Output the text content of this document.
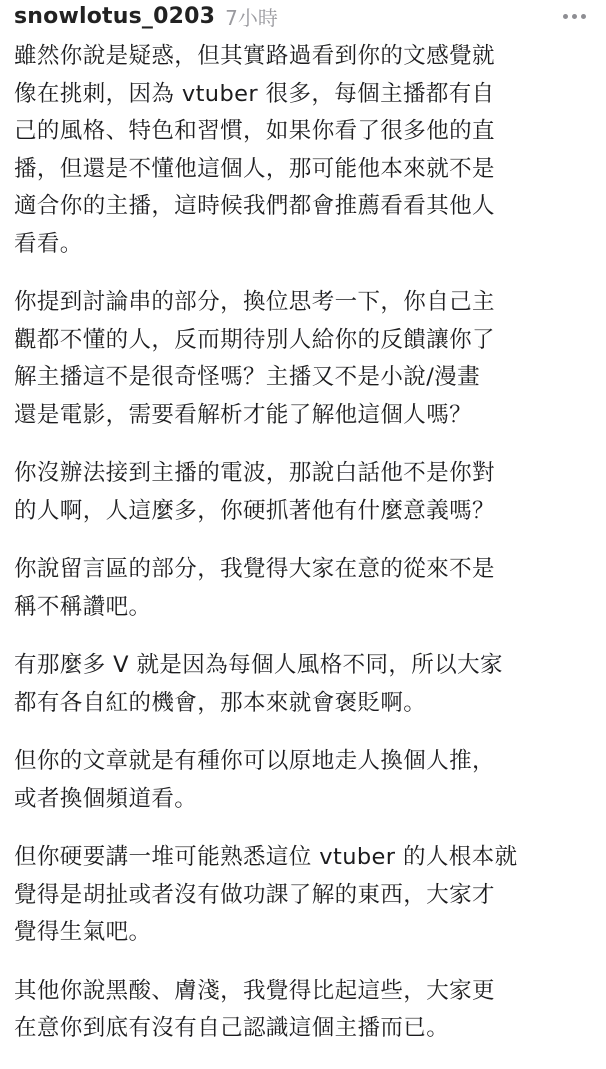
snowlotus_0203 7小時

雖然你說是疑惑，但其實路過看到你的文感覺就
像在挑刺，因為 vtuber 很多，每個主播都有自
己的風格、特色和習慣，如果你看了很多他的直
播，但還是不懂他這個人，那可能他本來就不是
適合你的主播，這時候我們都會推薦看看其他人
看看。

你提到討論串的部分，換位思考一下，你自己主
觀都不懂的人，反而期待別人給你的反饋讓你了
解主播這不是很奇怪嗎？主播又不是小說/漫畫
還是電影，需要看解析才能了解他這個人嗎？

你沒辦法接到主播的電波，那說白話他不是你對
的人啊，人這麼多，你硬抓著他有什麼意義嗎？

你說留言區的部分，我覺得大家在意的從來不是
稱不稱讚吧。

有那麼多 V 就是因為每個人風格不同，所以大家
都有各自紅的機會，那本來就會褒貶啊。

但你的文章就是有種你可以原地走人換個人推，
或者換個頻道看。

但你硬要講一堆可能熟悉這位 vtuber 的人根本就
覺得是胡扯或者沒有做功課了解的東西，大家才
覺得生氣吧。

其他你說黑酸、膚淺，我覺得比起這些，大家更
在意你到底有沒有自己認識這個主播而已。
